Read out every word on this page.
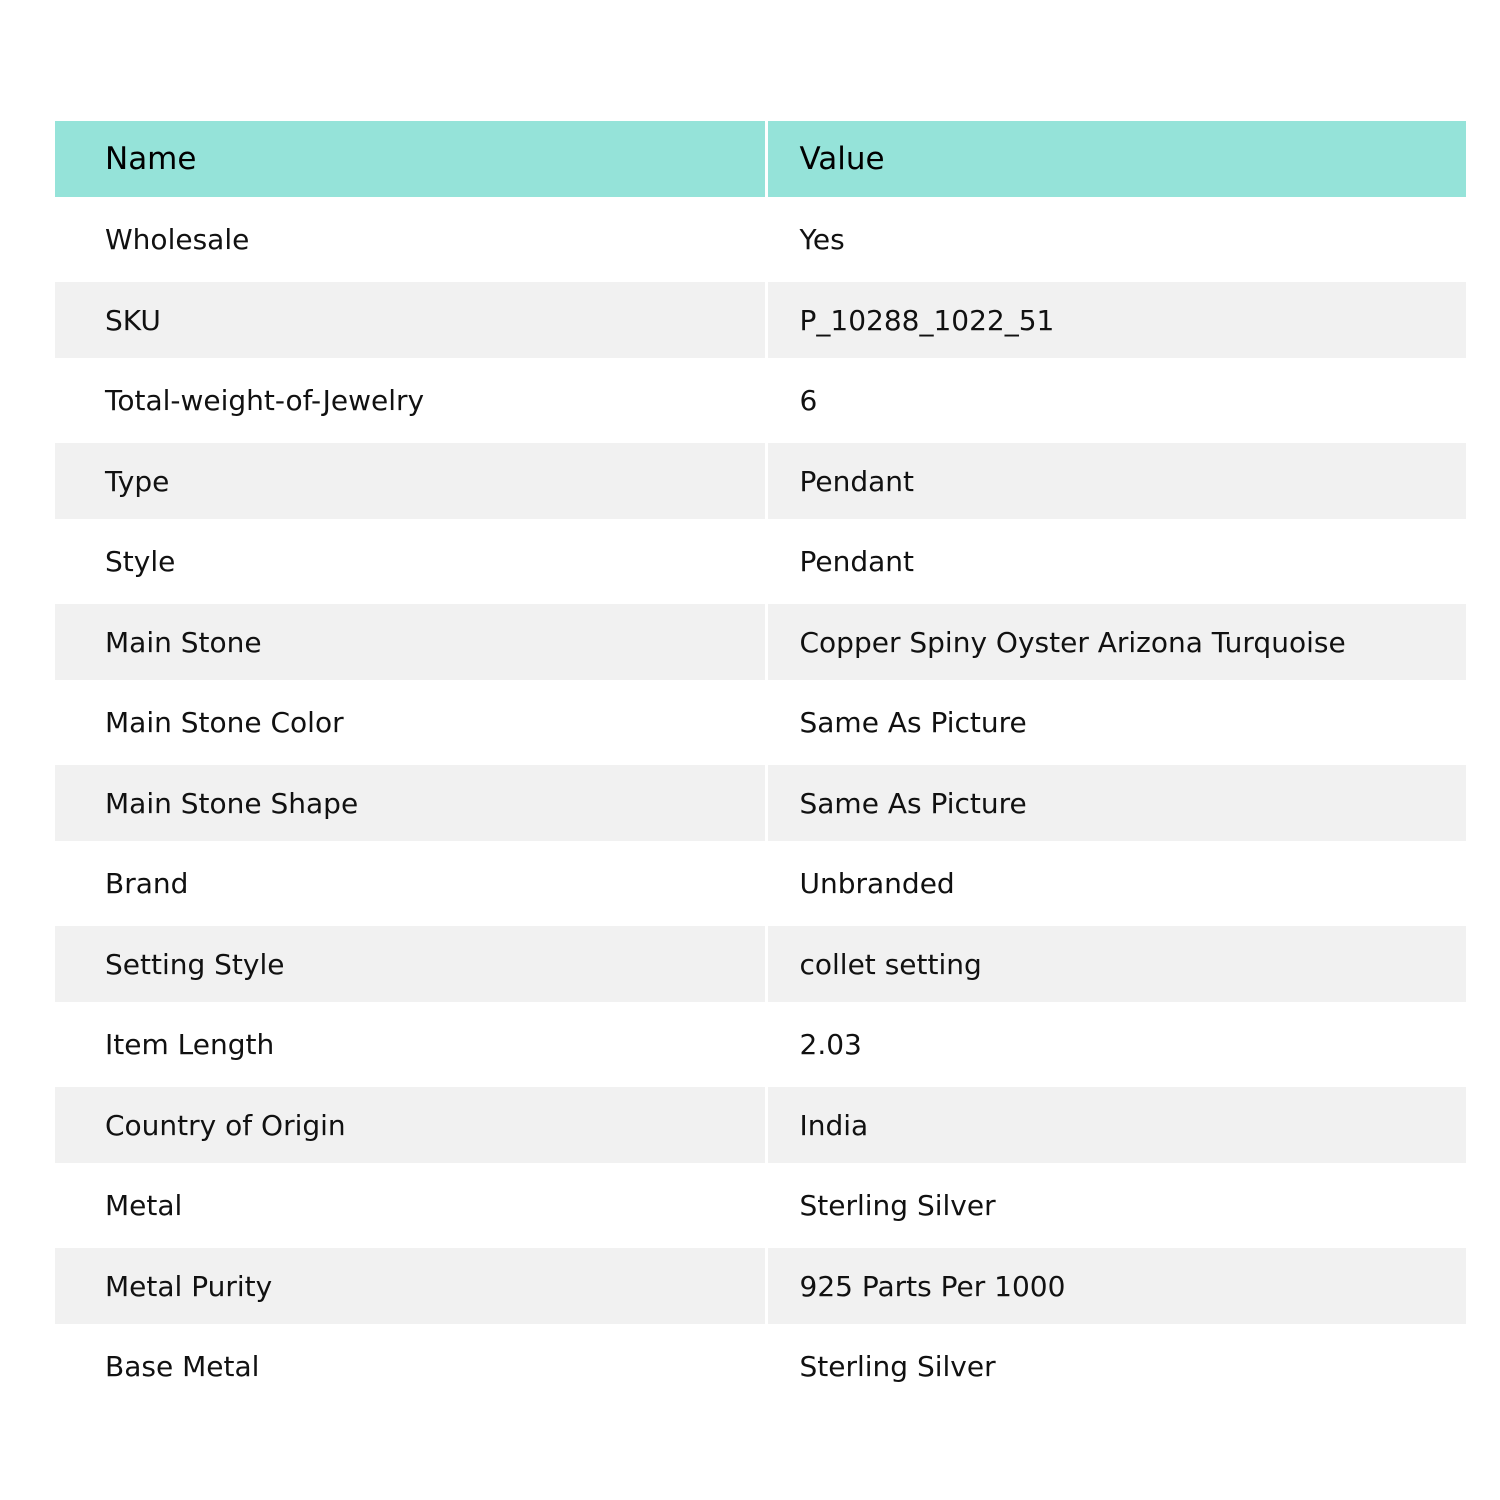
Name	Value
Wholesale	Yes
SKU	P_10288_1022_51
Total-weight-of-Jewelry	6
Type	Pendant
Style	Pendant
Main Stone	Copper Spiny Oyster Arizona Turquoise
Main Stone Color	Same As Picture
Main Stone Shape	Same As Picture
Brand	Unbranded
Setting Style	collet setting
Item Length	2.03
Country of Origin	India
Metal	Sterling Silver
Metal Purity	925 Parts Per 1000
Base Metal	Sterling Silver
